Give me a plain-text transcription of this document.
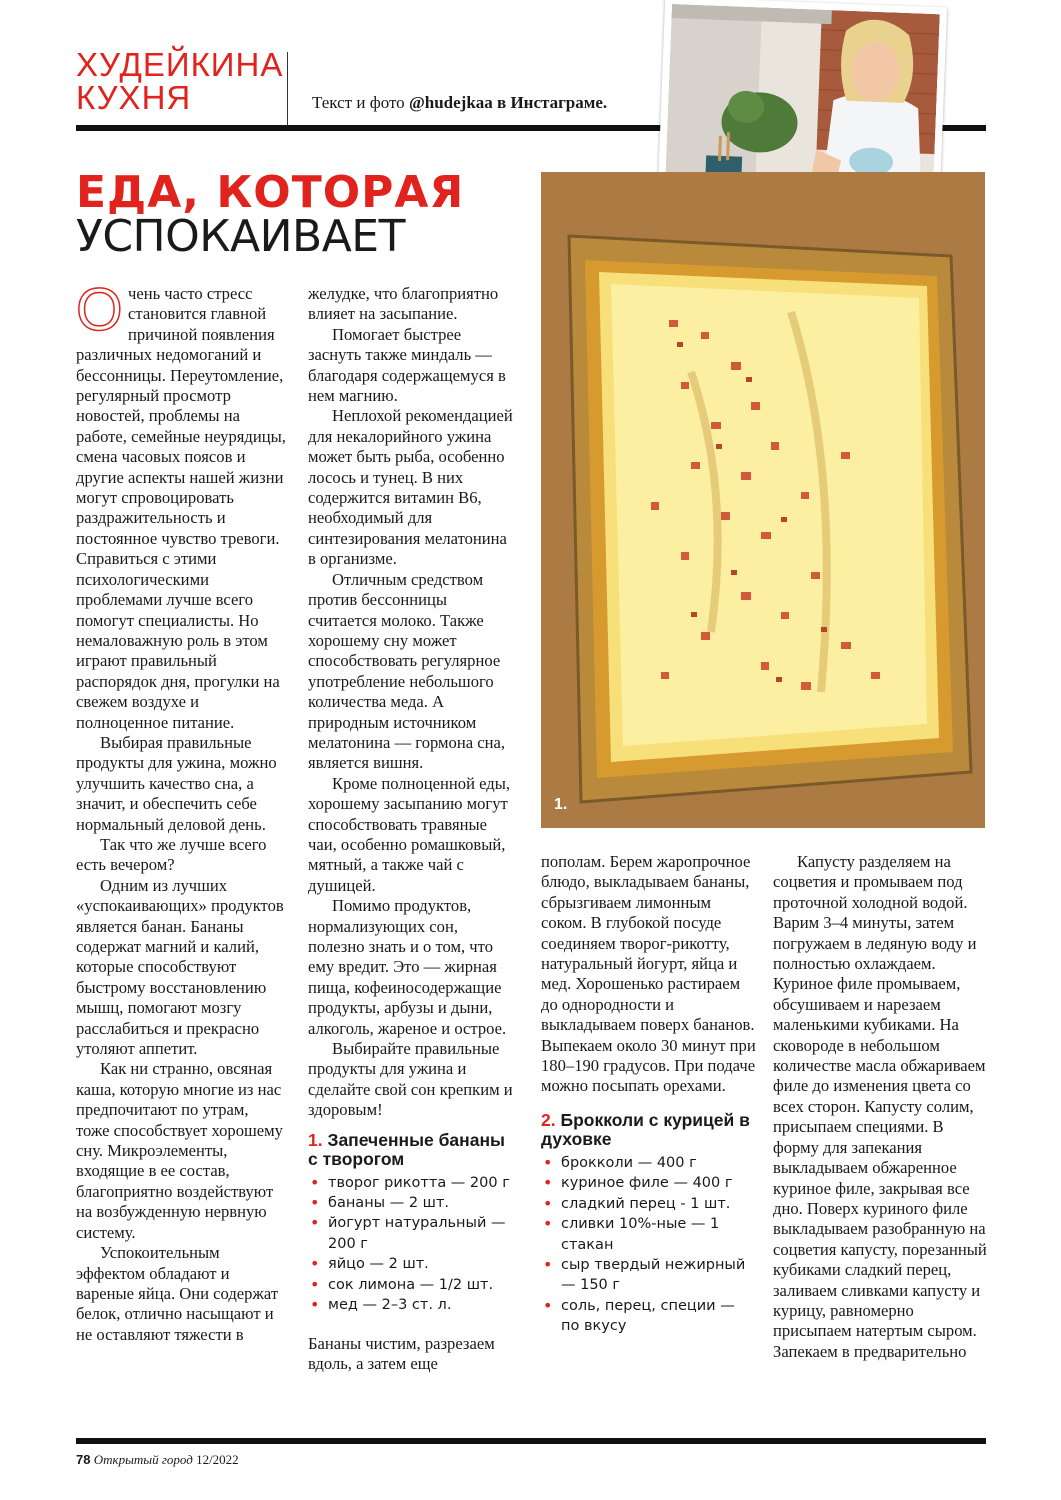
ХУДЕЙКИНА
КУХНЯ	Текст и фото @hudejkaa в Инстаграме.
ЕДА, КОТОРАЯ
УСПОКАИВАЕТ

Очень часто стресс становится главной причиной появления различных недомоганий и бессонницы. Переутомление, регулярный просмотр новостей, проблемы на работе, семейные неурядицы, смена часовых поясов и другие аспекты нашей жизни могут спровоцировать раздражительность и постоянное чувство тревоги. Справиться с этими психологическими проблемами лучше всего помогут специалисты. Но немаловажную роль в этом играют правильный распорядок дня, прогулки на свежем воздухе и полноценное питание.

Выбирая правильные продукты для ужина, можно улучшить качество сна, а значит, и обеспечить себе нормальный деловой день.

Так что же лучше всего есть вечером?

Одним из лучших «успокаивающих» продуктов является банан. Бананы содержат магний и калий, которые способствуют быстрому восстановлению мышц, помогают мозгу расслабиться и прекрасно утоляют аппетит.

Как ни странно, овсяная каша, которую многие из нас предпочитают по утрам, тоже способствует хорошему сну. Микроэлементы, входящие в ее состав, благоприятно воздействуют на возбужденную нервную систему.

Успокоительным эффектом обладают и вареные яйца. Они содержат белок, отлично насыщают и не оставляют тяжести в

желудке, что благоприятно влияет на засыпание.

Помогает быстрее заснуть также миндаль — благодаря содержащемуся в нем магнию.

Неплохой рекомендацией для некалорийного ужина может быть рыба, особенно лосось и тунец. В них содержится витамин B6, необходимый для синтезирования мелатонина в организме.

Отличным средством против бессонницы считается молоко. Также хорошему сну может способствовать регулярное употребление небольшого количества меда. А природным источником мелатонина — гормона сна, является вишня.

Кроме полноценной еды, хорошему засыпанию могут способствовать травяные чаи, особенно ромашковый, мятный, а также чай с душицей.

Помимо продуктов, нормализующих сон, полезно знать и о том, что ему вредит. Это — жирная пища, кофеиносодержащие продукты, арбузы и дыни, алкоголь, жареное и острое.

Выбирайте правильные продукты для ужина и сделайте свой сон крепким и здоровым!

1. Запеченные бананы с творогом
• творог рикотта — 200 г
• бананы — 2 шт.
• йогурт натуральный — 200 г
• яйцо — 2 шт.
• сок лимона — 1/2 шт.
• мед — 2–3 ст. л.

Бананы чистим, разрезаем вдоль, а затем еще

1.

пополам. Берем жаропрочное блюдо, выкладываем бананы, сбрызгиваем лимонным соком. В глубокой посуде соединяем творог-рикотту, натуральный йогурт, яйца и мед. Хорошенько растираем до однородности и выкладываем поверх бананов. Выпекаем около 30 минут при 180–190 градусов. При подаче можно посыпать орехами.

2. Брокколи с курицей в духовке
• брокколи — 400 г
• куриное филе — 400 г
• сладкий перец - 1 шт.
• сливки 10%-ные — 1 стакан
• сыр твердый нежирный — 150 г
• соль, перец, специи — по вкусу

Капусту разделяем на соцветия и промываем под проточной холодной водой. Варим 3–4 минуты, затем погружаем в ледяную воду и полностью охлаждаем. Куриное филе промываем, обсушиваем и нарезаем маленькими кубиками. На сковороде в небольшом количестве масла обжариваем филе до изменения цвета со всех сторон. Капусту солим, присыпаем специями. В форму для запекания выкладываем обжаренное куриное филе, закрывая все дно. Поверх куриного филе выкладываем разобранную на соцветия капусту, порезанный кубиками сладкий перец, заливаем сливками капусту и курицу, равномерно присыпаем натертым сыром. Запекаем в предварительно

78 Открытый город 12/2022
